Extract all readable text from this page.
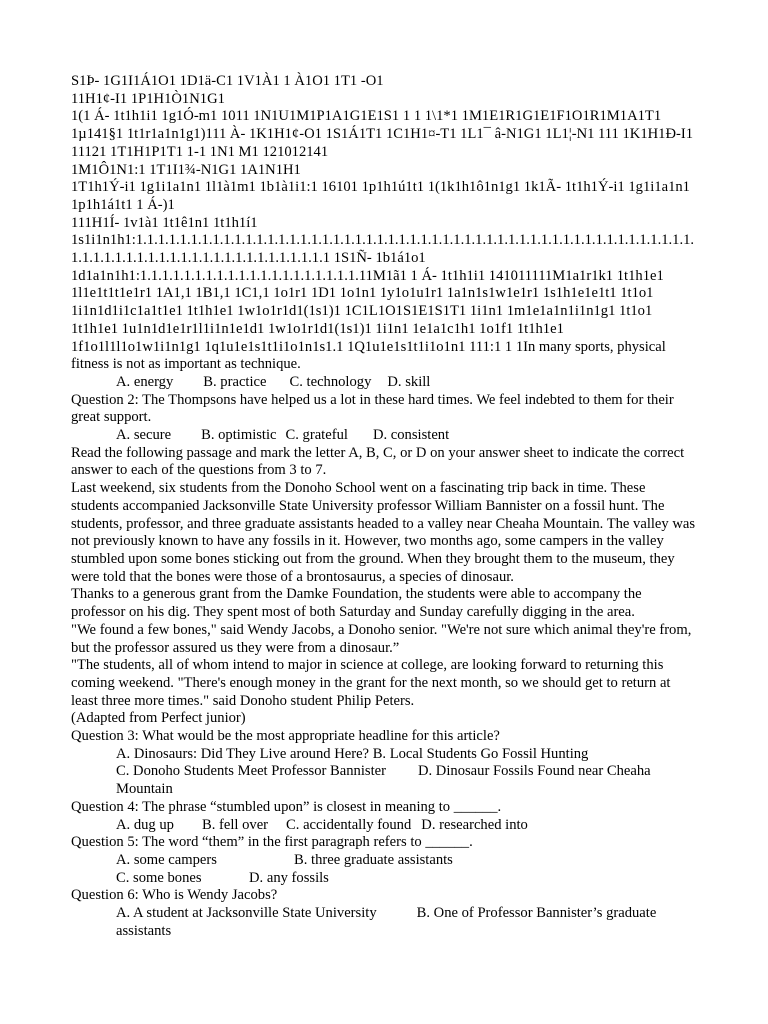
S1Þ- 1G1I1Á1O1 1D1ä-C1 1V1À1 1 À1O1 1T1 -O1

11H1¢-I1 1P1H1Ò1N1G1

1(1 Á- 1t1h1i1 1g1Ó-m1 1011 1N1U1M1P1A1G1E1S1 1 1 1\1*1 1M1E1R1G1E1F1O1R1M1A1T1 1µ141§1 1t1r1a1n1g1)111 À- 1K1H1¢-O1 1S1Á1T1 1C1H1¤-T1 1L1¯ â-N1G1 1L1¦-N1 111 1K1H1Ð-I1 11121 1T1H1P1T1 1-1 1N1 M1 121012141

1M1Ô1N1:1 1T1I1¾-N1G1 1A1N1H1

1T1h1Ý-i1 1g1i1a1n1 1l1à1m1 1b1à1i1:1 16101 1p1h1ú1t1 1(1k1h1ô1n1g1 1k1Ã- 1t1h1Ý-i1 1g1i1a1n1 1p1h1á1t1 1 Á-)1

111H1Í- 1v1à1 1t1ê1n1 1t1h1í1

1s1i1n1h1:1.1.1.1.1.1.1.1.1.1.1.1.1.1.1.1.1.1.1.1.1.1.1.1.1.1.1.1.1.1.1.1.1.1.1.1.1.1.1.1.1.1.1.1.1.1.1.1.1.1.1.1.1.1.1.1.1.1.1.1.1.1.1.1.1.1.1.1.1.1.1.1.1.1.1 1S1Ñ- 1b1á1o1 1d1a1n1h1:1.1.1.1.1.1.1.1.1.1.1.1.1.1.1.1.1.1.1.1.11M1ã1 1 Á- 1t1h1i1 141011111M1a1r1k1 1t1h1e1 1l1e1t1t1e1r1 1A1,1 1B1,1 1C1,1 1o1r1 1D1 1o1n1 1y1o1u1r1 1a1n1s1w1e1r1 1s1h1e1e1t1 1t1o1 1i1n1d1i1c1a1t1e1 1t1h1e1 1w1o1r1d1(1s1)1 1C1L1O1S1E1S1T1 1i1n1 1m1e1a1n1i1n1g1 1t1o1 1t1h1e1 1u1n1d1e1r1l1i1n1e1d1 1w1o1r1d1(1s1)1 1i1n1 1e1a1c1h1 1o1f1 1t1h1e1 1f1o1l1l1o1w1i1n1g1 1q1u1e1s1t1i1o1n1s1.1 1Q1u1e1s1t1i1o1n1 111:1 1 1In many sports, physical fitness is not as important as technique.

A. energy B. practice C. technology D. skill

Question 2: The Thompsons have helped us a lot in these hard times. We feel indebted to them for their great support.

A. secure B. optimistic C. grateful D. consistent

Read the following passage and mark the letter A, B, C, or D on your answer sheet to indicate the correct answer to each of the questions from 3 to 7.

Last weekend, six students from the Donoho School went on a fascinating trip back in time. These students accompanied Jacksonville State University professor William Bannister on a fossil hunt. The students, professor, and three graduate assistants headed to a valley near Cheaha Mountain. The valley was not previously known to have any fossils in it. However, two months ago, some campers in the valley stumbled upon some bones sticking out from the ground. When they brought them to the museum, they were told that the bones were those of a brontosaurus, a species of dinosaur.

Thanks to a generous grant from the Damke Foundation, the students were able to accompany the professor on his dig. They spent most of both Saturday and Sunday carefully digging in the area.

"We found a few bones," said Wendy Jacobs, a Donoho senior. "We're not sure which animal they're from, but the professor assured us they were from a dinosaur.”

"The students, all of whom intend to major in science at college, are looking forward to returning this coming weekend. "There's enough money in the grant for the next month, so we should get to return at least three more times." said Donoho student Philip Peters.

(Adapted from Perfect junior)

Question 3: What would be the most appropriate headline for this article?

A. Dinosaurs: Did They Live around Here? B. Local Students Go Fossil Hunting

C. Donoho Students Meet Professor Bannister D. Dinosaur Fossils Found near Cheaha Mountain

Question 4: The phrase “stumbled upon” is closest in meaning to ______.

A. dug up B. fell over C. accidentally found D. researched into

Question 5: The word “them” in the first paragraph refers to ______.

A. some campers	B. three graduate assistants

C. some bones	D. any fossils

Question 6: Who is Wendy Jacobs?

A. A student at Jacksonville State University	B. One of Professor Bannister’s graduate assistants
